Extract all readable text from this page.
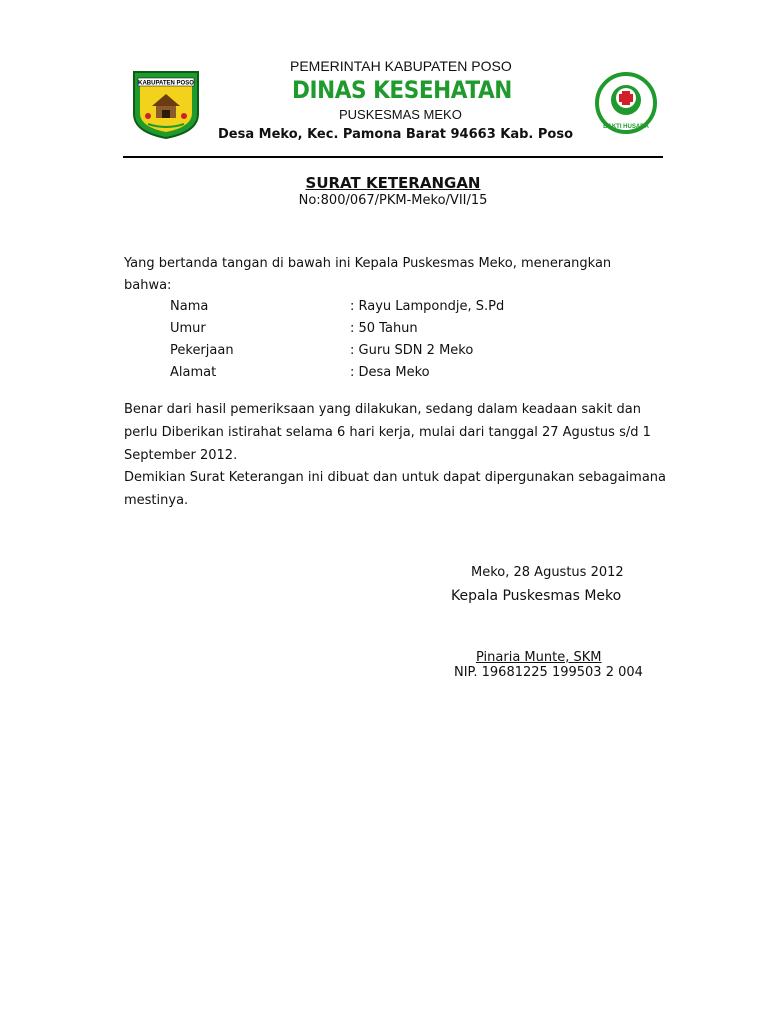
KABUPATEN POSO
BAKTI HUSADA
PEMERINTAH KABUPATEN POSO
DINAS KESEHATAN
PUSKESMAS MEKO
Desa Meko, Kec. Pamona Barat 94663 Kab. Poso
SURAT KETERANGAN
No:800/067/PKM-Meko/VII/15
Yang bertanda tangan di bawah ini Kepala Puskesmas Meko, menerangkan
bahwa:
Nama	: Rayu Lampondje, S.Pd
Umur	: 50 Tahun
Pekerjaan	: Guru SDN 2 Meko
Alamat	: Desa Meko
Benar dari hasil pemeriksaan yang dilakukan, sedang dalam keadaan sakit dan
perlu Diberikan istirahat selama 6 hari kerja, mulai dari tanggal 27 Agustus s/d 1
September 2012.
Demikian Surat Keterangan ini dibuat dan untuk dapat dipergunakan sebagaimana
mestinya.
Meko, 28 Agustus 2012
Kepala Puskesmas Meko
Pinaria Munte, SKM
NIP. 19681225 199503 2 004
